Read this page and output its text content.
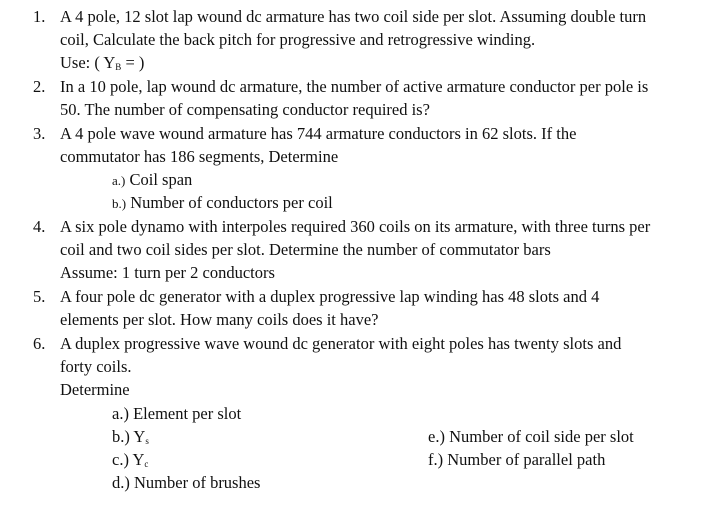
1. A 4 pole, 12 slot lap wound dc armature has two coil side per slot. Assuming double turn
coil, Calculate the back pitch for progressive and retrogressive winding.
Use: ( $Y_B$ = )
2. In a 10 pole, lap wound dc armature, the number of active armature conductor per pole is
50. The number of compensating conductor required is?
3. A 4 pole wave wound armature has 744 armature conductors in 62 slots. If the
commutator has 186 segments, Determine
a.) Coil span
b.) Number of conductors per coil
4. A six pole dynamo with interpoles required 360 coils on its armature, with three turns per
coil and two coil sides per slot. Determine the number of commutator bars
Assume: 1 turn per 2 conductors
5. A four pole dc generator with a duplex progressive lap winding has 48 slots and 4
elements per slot. How many coils does it have?
6. A duplex progressive wave wound dc generator with eight poles has twenty slots and
forty coils.
Determine
a.) Element per slot
b.) $Y_s$
c.) $Y_c$
d.) Number of brushes
e.) Number of coil side per slot
f.) Number of parallel path
